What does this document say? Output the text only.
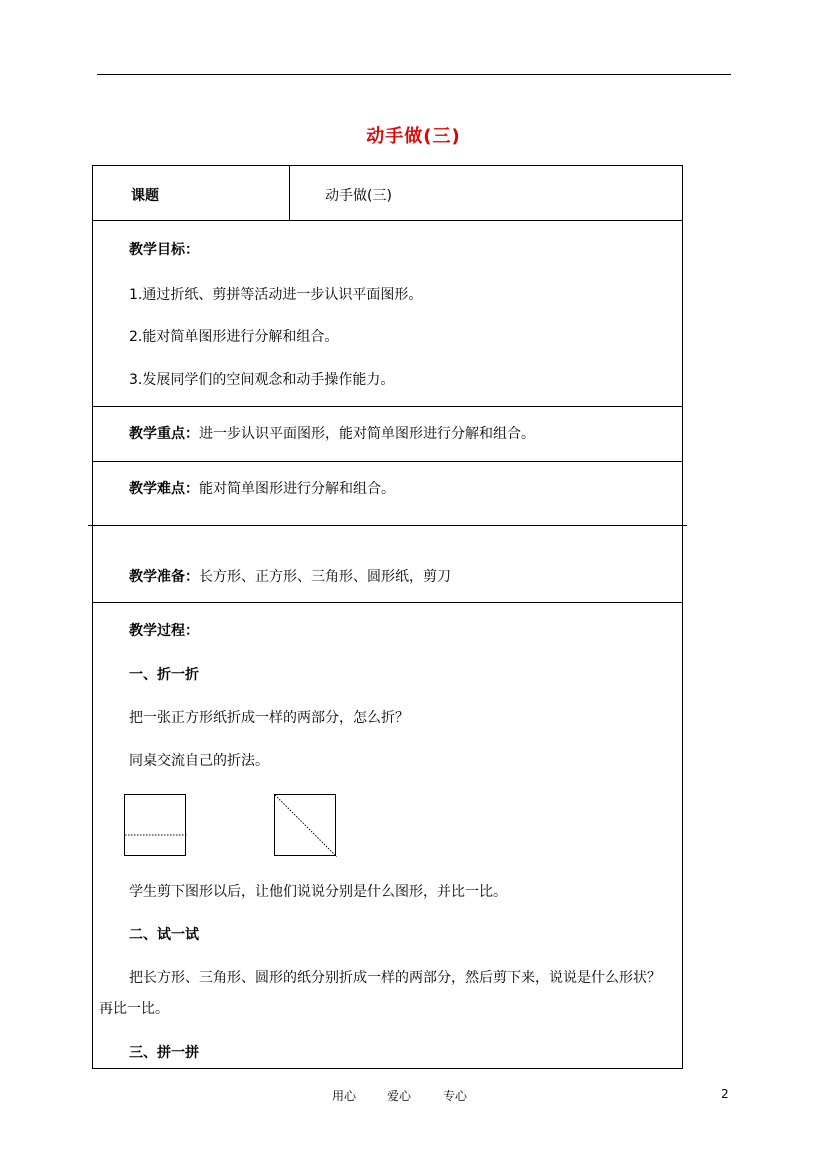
动手做(三)
课题	动手做(三)
教学目标：
1.通过折纸、剪拼等活动进一步认识平面图形。
2.能对简单图形进行分解和组合。
3.发展同学们的空间观念和动手操作能力。
教学重点：进一步认识平面图形，能对简单图形进行分解和组合。
教学难点：能对简单图形进行分解和组合。
教学准备：长方形、正方形、三角形、圆形纸，剪刀
教学过程：
一、折一折
把一张正方形纸折成一样的两部分，怎么折？
同桌交流自己的折法。
学生剪下图形以后，让他们说说分别是什么图形，并比一比。
二、试一试
把长方形、三角形、圆形的纸分别折成一样的两部分，然后剪下来，说说是什么形状？
再比一比。
三、拼一拼
用心	爱心	专心	2
